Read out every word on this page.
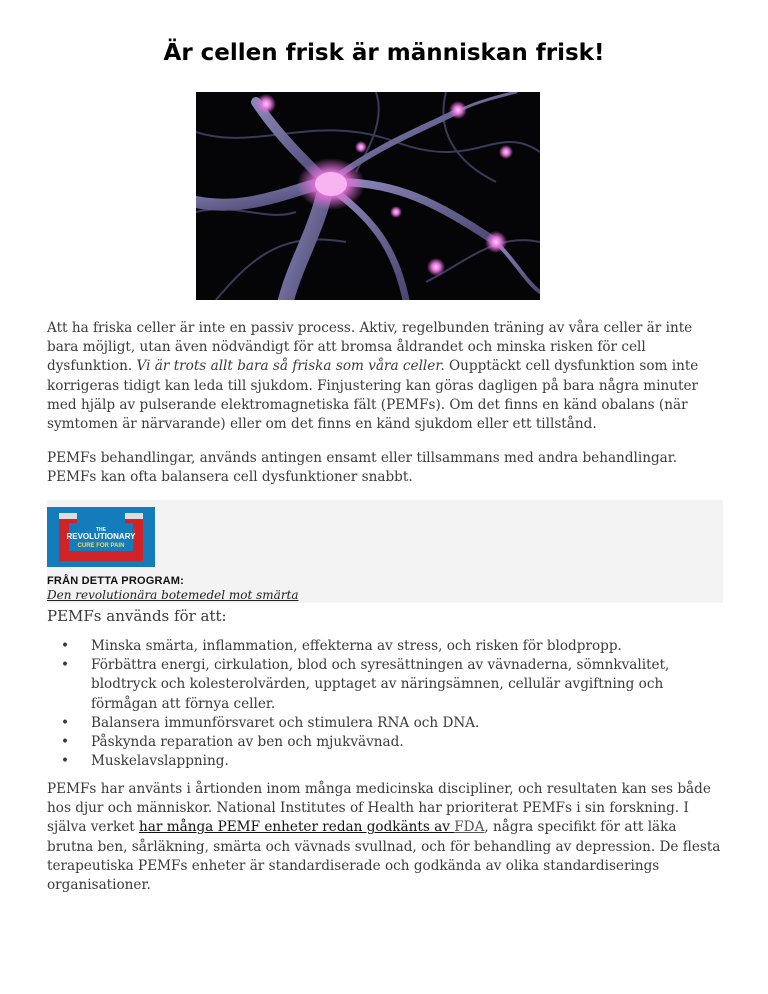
Är cellen frisk är människan frisk!

Att ha friska celler är inte en passiv process. Aktiv, regelbunden träning av våra celler är inte bara möjligt, utan även nödvändigt för att bromsa åldrandet och minska risken för cell dysfunktion. Vi är trots allt bara så friska som våra celler. Oupptäckt cell dysfunktion som inte korrigeras tidigt kan leda till sjukdom. Finjustering kan göras dagligen på bara några minuter med hjälp av pulserande elektromagnetiska fält (PEMFs). Om det finns en känd obalans (när symtomen är närvarande) eller om det finns en känd sjukdom eller ett tillstånd.

PEMFs behandlingar, används antingen ensamt eller tillsammans med andra behandlingar. PEMFs kan ofta balansera cell dysfunktioner snabbt.

THE
REVOLUTIONARY
CURE FOR PAIN
FRÅN DETTA PROGRAM:
Den revolutionära botemedel mot smärta

PEMFs används för att:

• Minska smärta, inflammation, effekterna av stress, och risken för blodpropp.
• Förbättra energi, cirkulation, blod och syresättningen av vävnaderna, sömnkvalitet, blodtryck och kolesterolvärden, upptaget av näringsämnen, cellulär avgiftning och förmågan att förnya celler.
• Balansera immunförsvaret och stimulera RNA och DNA.
• Påskynda reparation av ben och mjukvävnad.
• Muskelavslappning.

PEMFs har använts i årtionden inom många medicinska discipliner, och resultaten kan ses både hos djur och människor. National Institutes of Health har prioriterat PEMFs i sin forskning. I själva verket har många PEMF enheter redan godkänts av FDA, några specifikt för att läka brutna ben, sårläkning, smärta och vävnads svullnad, och för behandling av depression. De flesta terapeutiska PEMFs enheter är standardiserade och godkända av olika standardiserings organisationer.
